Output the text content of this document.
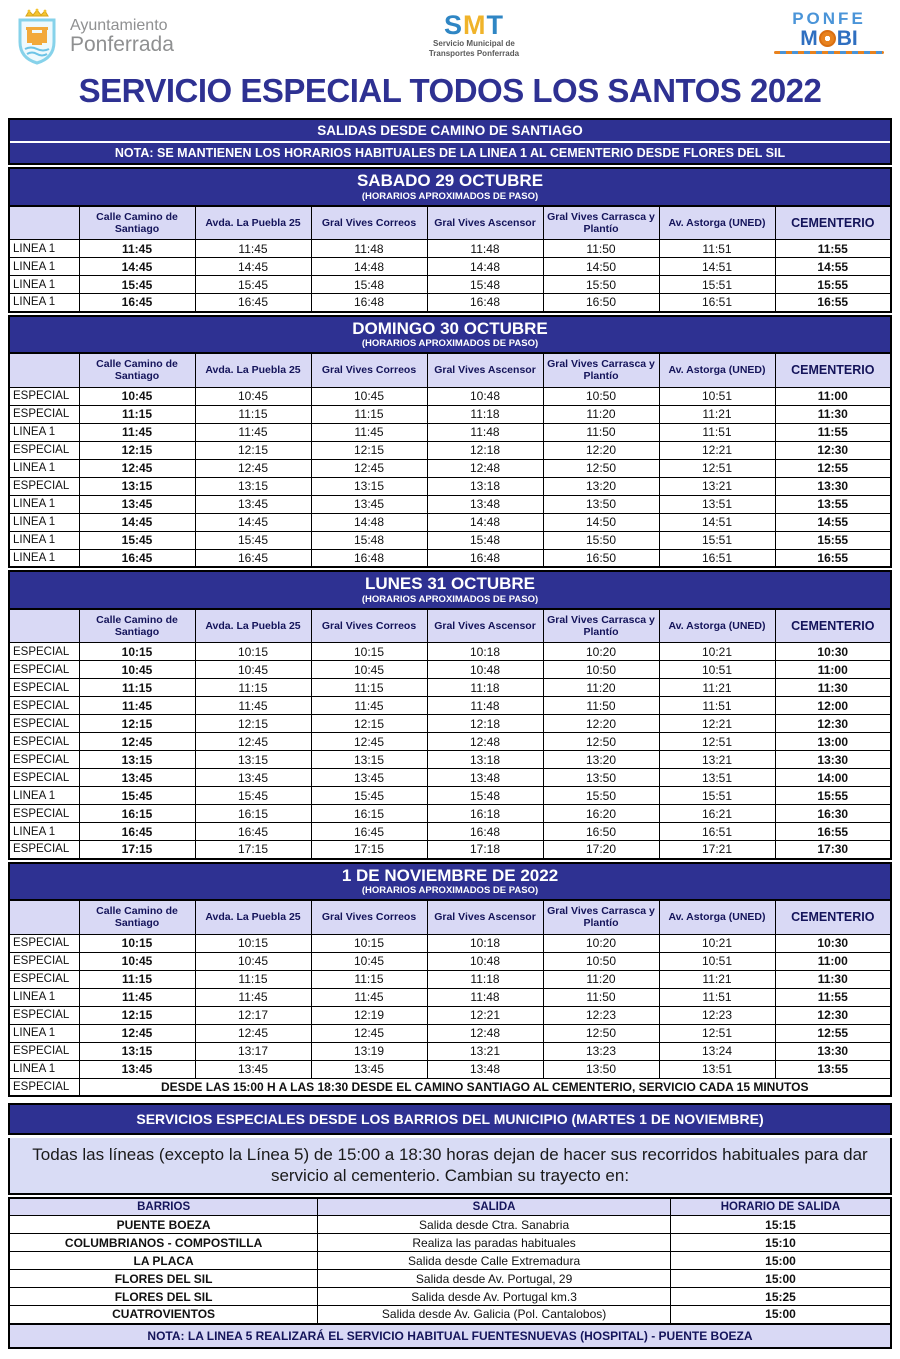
Ayuntamiento
Ponferrada
SMT
Servicio Municipal de
Transportes Ponferrada
PONFE
M BI
SERVICIO ESPECIAL TODOS LOS SANTOS 2022
SALIDAS DESDE CAMINO DE SANTIAGO
NOTA: SE MANTIENEN LOS HORARIOS HABITUALES DE LA LINEA 1 AL CEMENTERIO DESDE FLORES DEL SIL
SABADO 29 OCTUBRE
(HORARIOS APROXIMADOS DE PASO)
	Calle Camino de Santiago	Avda. La Puebla 25	Gral Vives Correos	Gral Vives Ascensor	Gral Vives Carrasca y Plantío	Av. Astorga (UNED)	CEMENTERIO
LINEA 1	11:45	11:45	11:48	11:48	11:50	11:51	11:55
LINEA 1	14:45	14:45	14:48	14:48	14:50	14:51	14:55
LINEA 1	15:45	15:45	15:48	15:48	15:50	15:51	15:55
LINEA 1	16:45	16:45	16:48	16:48	16:50	16:51	16:55
DOMINGO 30 OCTUBRE
(HORARIOS APROXIMADOS DE PASO)
	Calle Camino de Santiago	Avda. La Puebla 25	Gral Vives Correos	Gral Vives Ascensor	Gral Vives Carrasca y Plantío	Av. Astorga (UNED)	CEMENTERIO
ESPECIAL	10:45	10:45	10:45	10:48	10:50	10:51	11:00
ESPECIAL	11:15	11:15	11:15	11:18	11:20	11:21	11:30
LINEA 1	11:45	11:45	11:45	11:48	11:50	11:51	11:55
ESPECIAL	12:15	12:15	12:15	12:18	12:20	12:21	12:30
LINEA 1	12:45	12:45	12:45	12:48	12:50	12:51	12:55
ESPECIAL	13:15	13:15	13:15	13:18	13:20	13:21	13:30
LINEA 1	13:45	13:45	13:45	13:48	13:50	13:51	13:55
LINEA 1	14:45	14:45	14:48	14:48	14:50	14:51	14:55
LINEA 1	15:45	15:45	15:48	15:48	15:50	15:51	15:55
LINEA 1	16:45	16:45	16:48	16:48	16:50	16:51	16:55
LUNES 31 OCTUBRE
(HORARIOS APROXIMADOS DE PASO)
	Calle Camino de Santiago	Avda. La Puebla 25	Gral Vives Correos	Gral Vives Ascensor	Gral Vives Carrasca y Plantío	Av. Astorga (UNED)	CEMENTERIO
ESPECIAL	10:15	10:15	10:15	10:18	10:20	10:21	10:30
ESPECIAL	10:45	10:45	10:45	10:48	10:50	10:51	11:00
ESPECIAL	11:15	11:15	11:15	11:18	11:20	11:21	11:30
ESPECIAL	11:45	11:45	11:45	11:48	11:50	11:51	12:00
ESPECIAL	12:15	12:15	12:15	12:18	12:20	12:21	12:30
ESPECIAL	12:45	12:45	12:45	12:48	12:50	12:51	13:00
ESPECIAL	13:15	13:15	13:15	13:18	13:20	13:21	13:30
ESPECIAL	13:45	13:45	13:45	13:48	13:50	13:51	14:00
LINEA 1	15:45	15:45	15:45	15:48	15:50	15:51	15:55
ESPECIAL	16:15	16:15	16:15	16:18	16:20	16:21	16:30
LINEA 1	16:45	16:45	16:45	16:48	16:50	16:51	16:55
ESPECIAL	17:15	17:15	17:15	17:18	17:20	17:21	17:30
1 DE NOVIEMBRE DE 2022
(HORARIOS APROXIMADOS DE PASO)
	Calle Camino de Santiago	Avda. La Puebla 25	Gral Vives Correos	Gral Vives Ascensor	Gral Vives Carrasca y Plantío	Av. Astorga (UNED)	CEMENTERIO
ESPECIAL	10:15	10:15	10:15	10:18	10:20	10:21	10:30
ESPECIAL	10:45	10:45	10:45	10:48	10:50	10:51	11:00
ESPECIAL	11:15	11:15	11:15	11:18	11:20	11:21	11:30
LINEA 1	11:45	11:45	11:45	11:48	11:50	11:51	11:55
ESPECIAL	12:15	12:17	12:19	12:21	12:23	12:23	12:30
LINEA 1	12:45	12:45	12:45	12:48	12:50	12:51	12:55
ESPECIAL	13:15	13:17	13:19	13:21	13:23	13:24	13:30
LINEA 1	13:45	13:45	13:45	13:48	13:50	13:51	13:55
ESPECIAL	DESDE LAS 15:00 H A LAS 18:30 DESDE EL CAMINO SANTIAGO AL CEMENTERIO, SERVICIO CADA 15 MINUTOS						
SERVICIOS ESPECIALES DESDE LOS BARRIOS DEL MUNICIPIO (MARTES 1 DE NOVIEMBRE)
Todas las líneas (excepto la Línea 5) de 15:00 a 18:30 horas dejan de hacer sus recorridos habituales para dar servicio al cementerio. Cambian su trayecto en:
BARRIOS	SALIDA	HORARIO DE SALIDA
PUENTE BOEZA	Salida desde Ctra. Sanabria	15:15
COLUMBRIANOS - COMPOSTILLA	Realiza las paradas habituales	15:10
LA PLACA	Salida desde Calle Extremadura	15:00
FLORES DEL SIL	Salida desde Av. Portugal, 29	15:00
FLORES DEL SIL	Salida desde Av. Portugal km.3	15:25
CUATROVIENTOS	Salida desde Av. Galicia (Pol. Cantalobos)	15:00
NOTA: LA LINEA 5 REALIZARÁ EL SERVICIO HABITUAL FUENTESNUEVAS (HOSPITAL) - PUENTE BOEZA
